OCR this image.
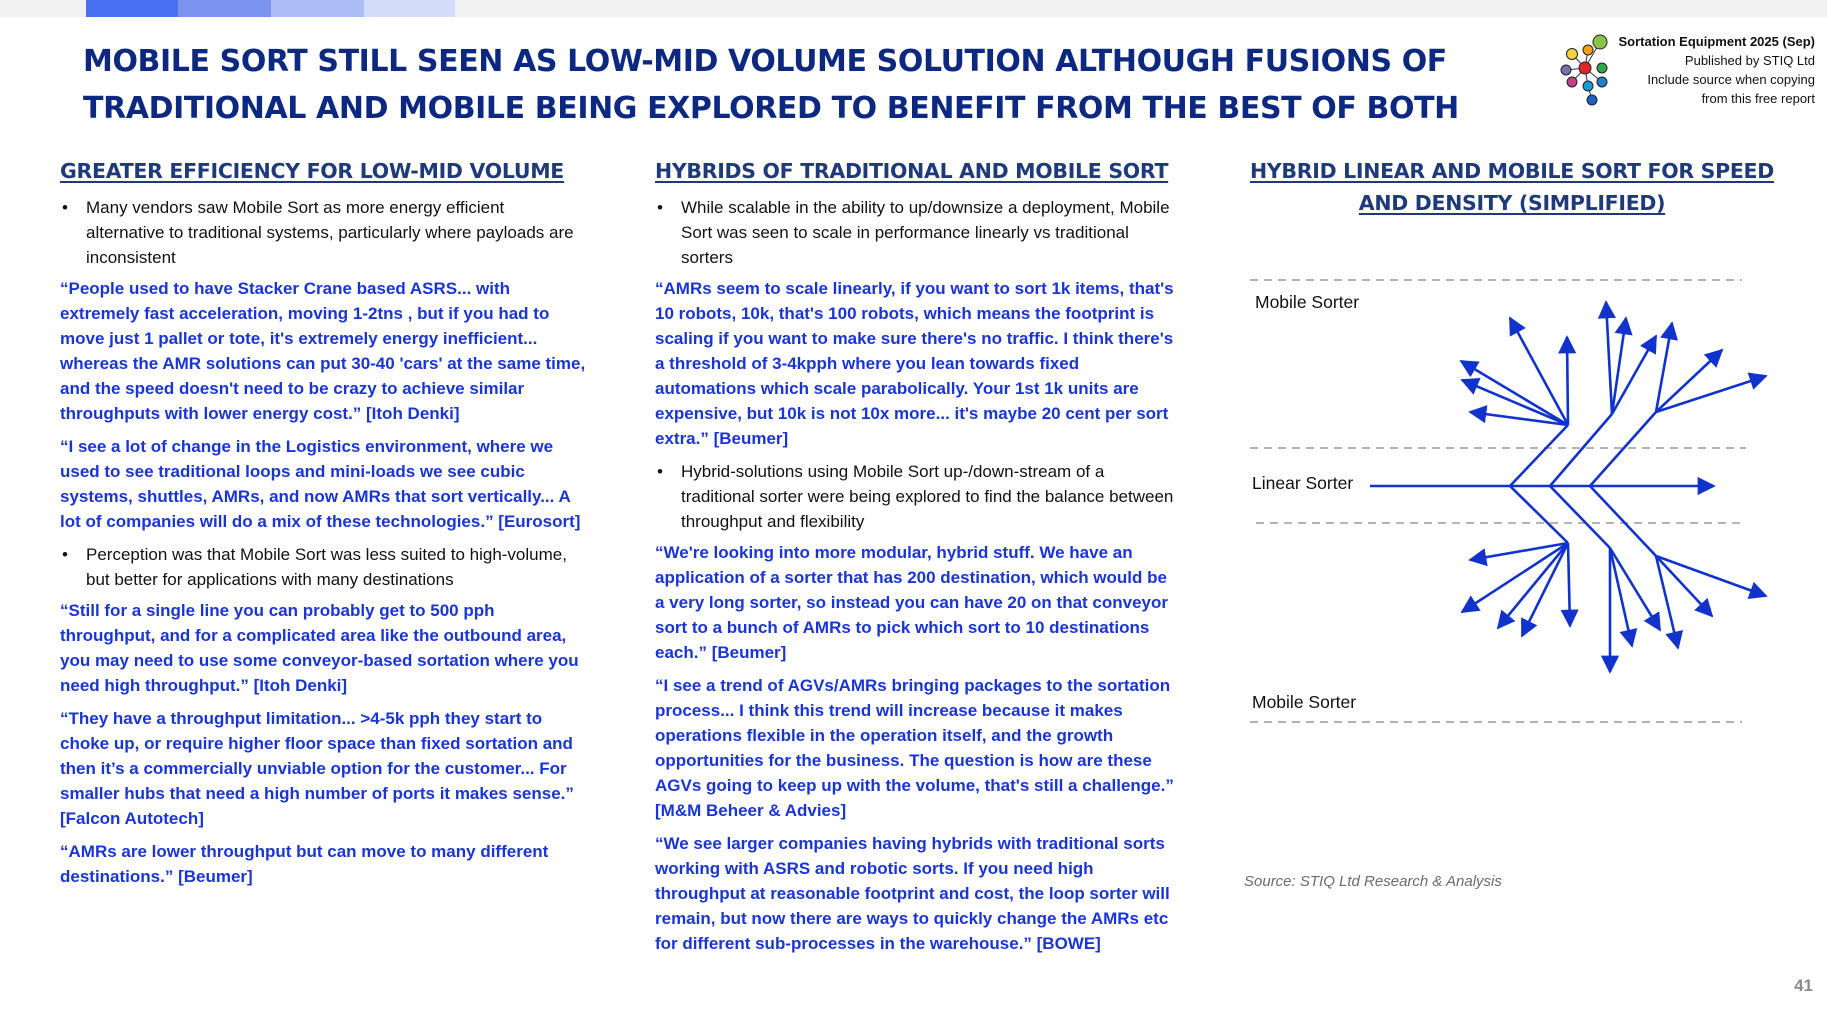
MOBILE SORT STILL SEEN AS LOW-MID VOLUME SOLUTION ALTHOUGH FUSIONS OF
TRADITIONAL AND MOBILE BEING EXPLORED TO BENEFIT FROM THE BEST OF BOTH
Sortation Equipment 2025 (Sep)
Published by STIQ Ltd
Include source when copying
from this free report
GREATER EFFICIENCY FOR LOW-MID VOLUME

• Many vendors saw Mobile Sort as more energy efficient alternative to traditional systems, particularly where payloads are inconsistent

“People used to have Stacker Crane based ASRS... with extremely fast acceleration, moving 1-2tns , but if you had to move just 1 pallet or tote, it's extremely energy inefficient... whereas the AMR solutions can put 30-40 'cars' at the same time, and the speed doesn't need to be crazy to achieve similar throughputs with lower energy cost.” [Itoh Denki]

“I see a lot of change in the Logistics environment, where we used to see traditional loops and mini-loads we see cubic systems, shuttles, AMRs, and now AMRs that sort vertically... A lot of companies will do a mix of these technologies.” [Eurosort]

• Perception was that Mobile Sort was less suited to high-volume, but better for applications with many destinations

“Still for a single line you can probably get to 500 pph throughput, and for a complicated area like the outbound area, you may need to use some conveyor-based sortation where you need high throughput.” [Itoh Denki]

“They have a throughput limitation... >4-5k pph they start to choke up, or require higher floor space than fixed sortation and then it’s a commercially unviable option for the customer... For smaller hubs that need a high number of ports it makes sense.” [Falcon Autotech]

“AMRs are lower throughput but can move to many different destinations.” [Beumer]

HYBRIDS OF TRADITIONAL AND MOBILE SORT

• While scalable in the ability to up/downsize a deployment, Mobile Sort was seen to scale in performance linearly vs traditional sorters

“AMRs seem to scale linearly, if you want to sort 1k items, that's 10 robots, 10k, that's 100 robots, which means the footprint is scaling if you want to make sure there's no traffic. I think there's a threshold of 3-4kpph where you lean towards fixed automations which scale parabolically. Your 1st 1k units are expensive, but 10k is not 10x more... it's maybe 20 cent per sort extra.” [Beumer]

• Hybrid-solutions using Mobile Sort up-/down-stream of a traditional sorter were being explored to find the balance between throughput and flexibility

“We're looking into more modular, hybrid stuff. We have an application of a sorter that has 200 destination, which would be a very long sorter, so instead you can have 20 on that conveyor sort to a bunch of AMRs to pick which sort to 10 destinations each.” [Beumer]

“I see a trend of AGVs/AMRs bringing packages to the sortation process... I think this trend will increase because it makes operations flexible in the operation itself, and the growth opportunities for the business. The question is how are these AGVs going to keep up with the volume, that's still a challenge.” [M&M Beheer & Advies]

“We see larger companies having hybrids with traditional sorts working with ASRS and robotic sorts. If you need high throughput at reasonable footprint and cost, the loop sorter will remain, but now there are ways to quickly change the AMRs etc for different sub-processes in the warehouse.” [BOWE]

HYBRID LINEAR AND MOBILE SORT FOR SPEED
AND DENSITY (SIMPLIFIED)
Mobile Sorter
Linear Sorter
Mobile Sorter
Source: STIQ Ltd Research & Analysis
41
